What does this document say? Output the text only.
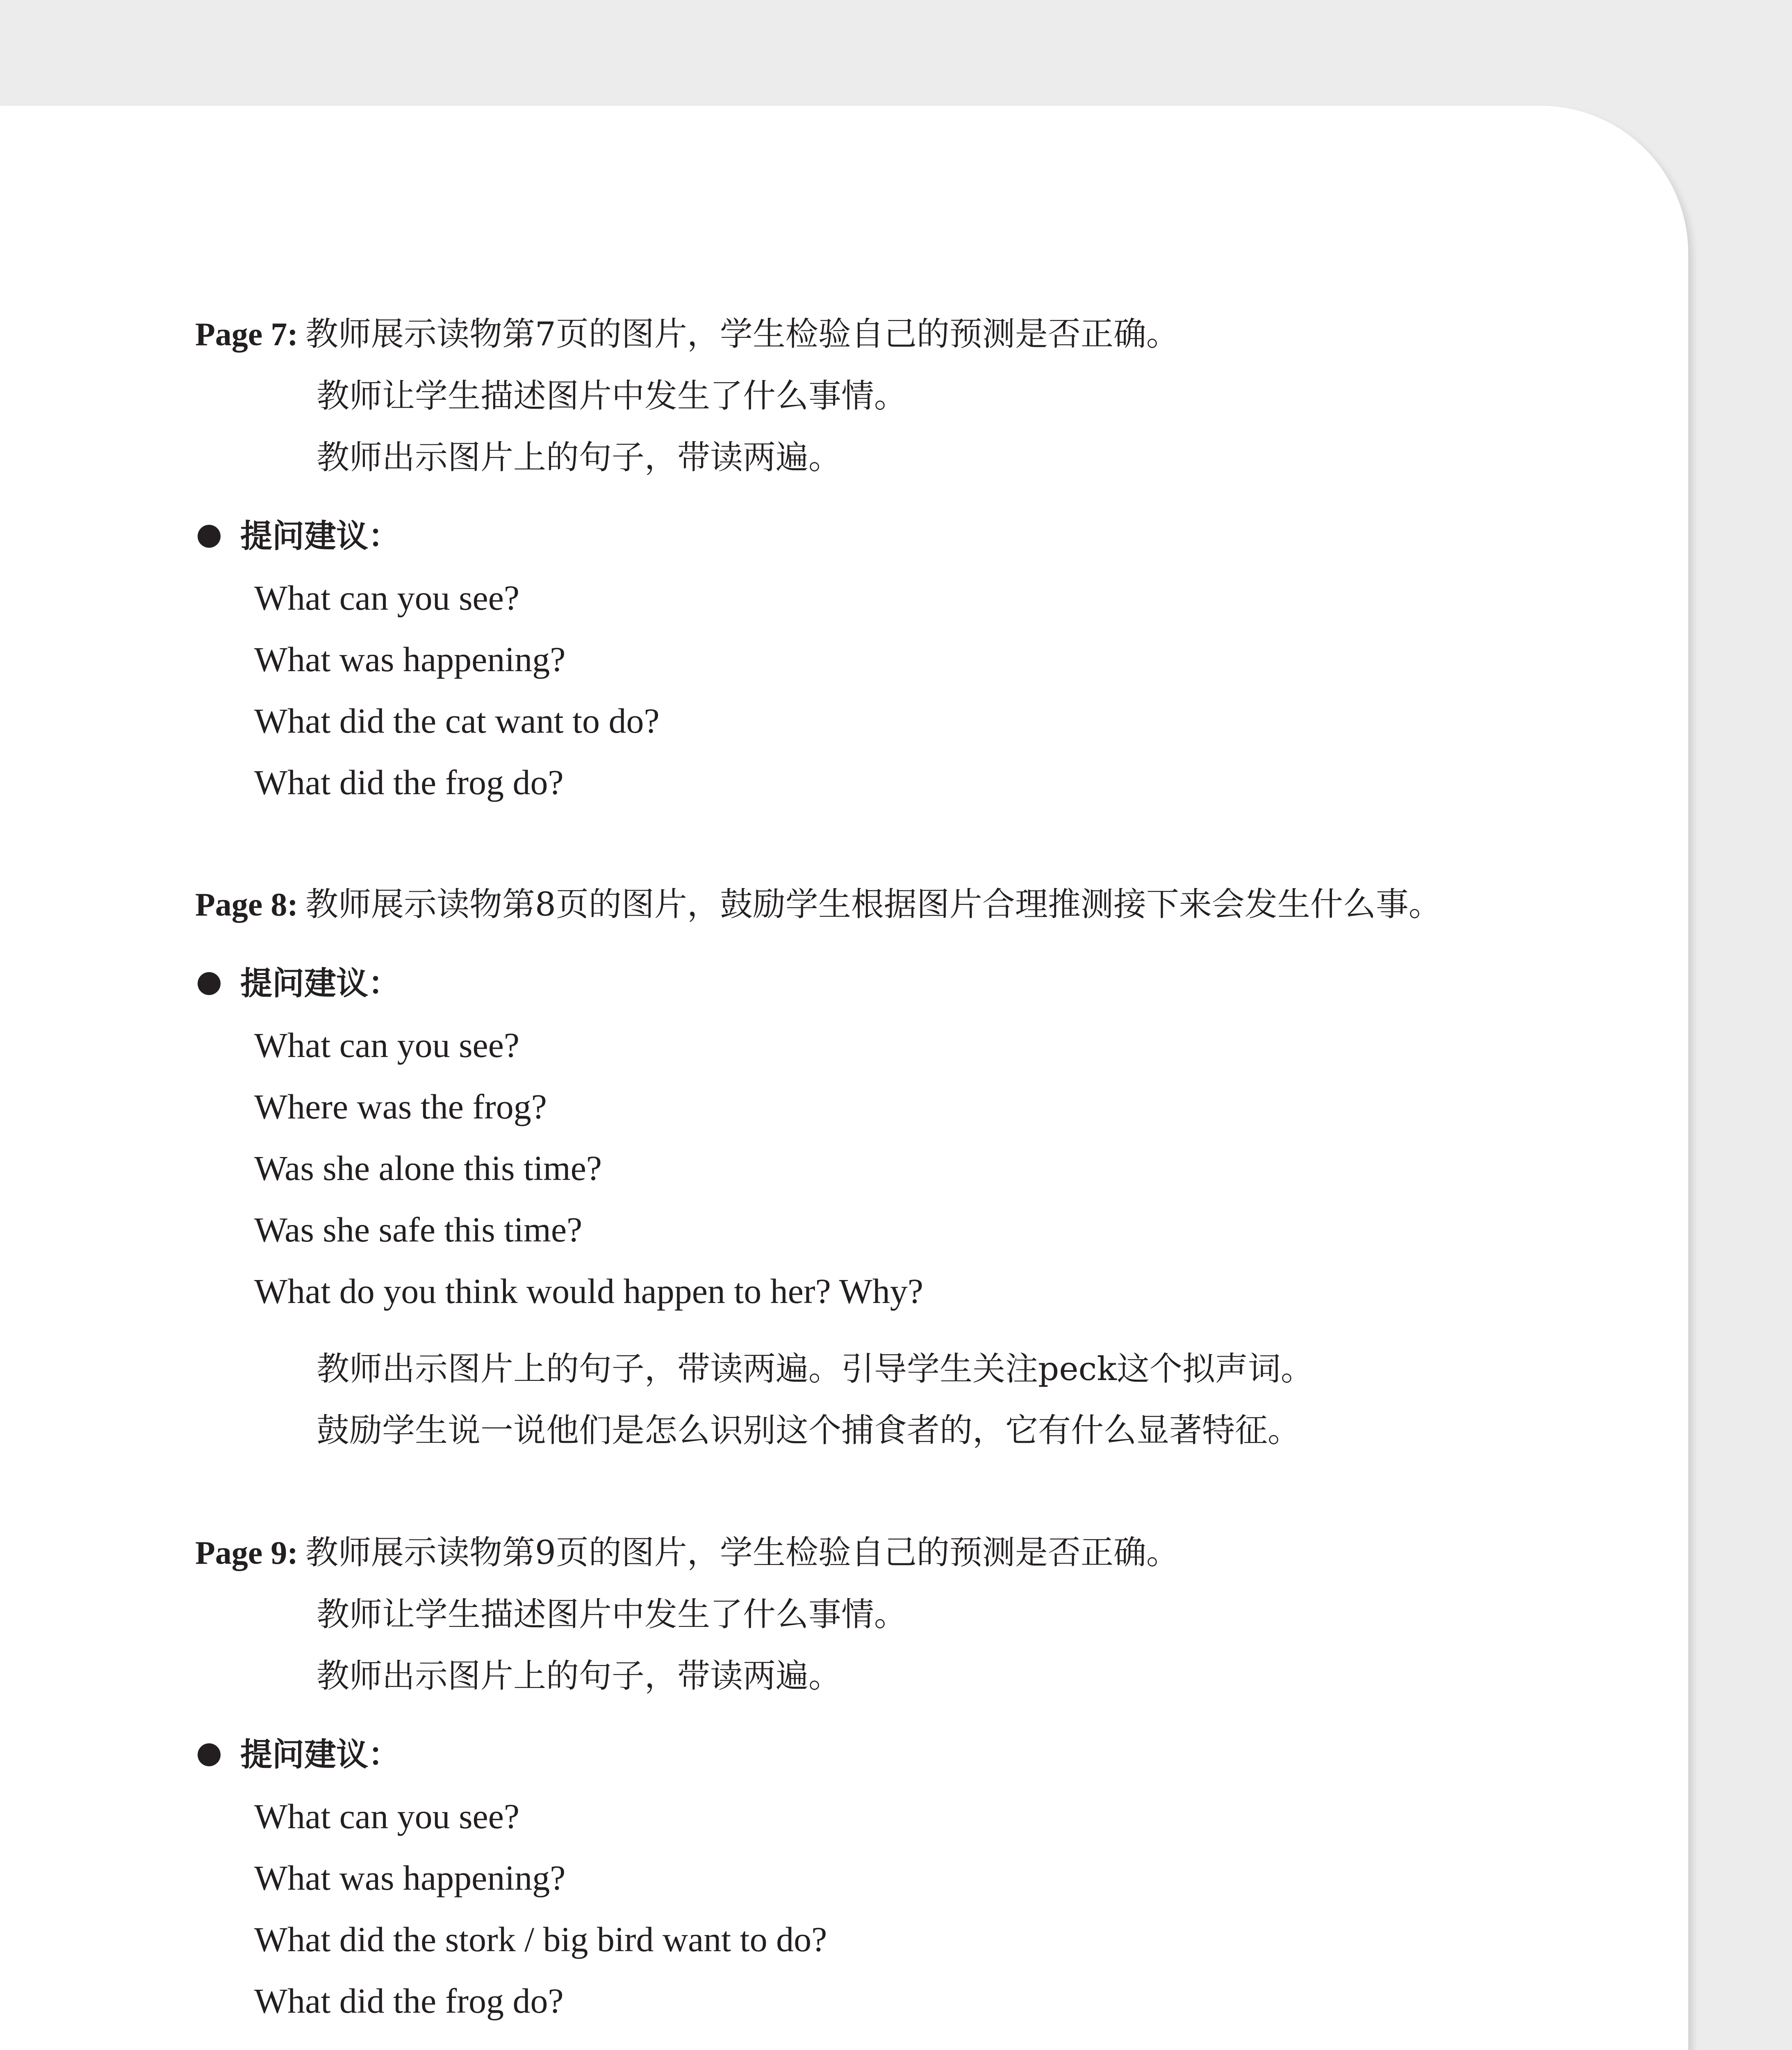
Page 7: 教师展示读物第7页的图片，学生检验自己的预测是否正确。
教师让学生描述图片中发生了什么事情。
教师出示图片上的句子，带读两遍。
提问建议：
What can you see?
What was happening?
What did the cat want to do?
What did the frog do?
Page 8: 教师展示读物第8页的图片，鼓励学生根据图片合理推测接下来会发生什么事。
提问建议：
What can you see?
Where was the frog?
Was she alone this time?
Was she safe this time?
What do you think would happen to her? Why?
教师出示图片上的句子，带读两遍。引导学生关注peck这个拟声词。
鼓励学生说一说他们是怎么识别这个捕食者的，它有什么显著特征。
Page 9: 教师展示读物第9页的图片，学生检验自己的预测是否正确。
教师让学生描述图片中发生了什么事情。
教师出示图片上的句子，带读两遍。
提问建议：
What can you see?
What was happening?
What did the stork / big bird want to do?
What did the frog do?
